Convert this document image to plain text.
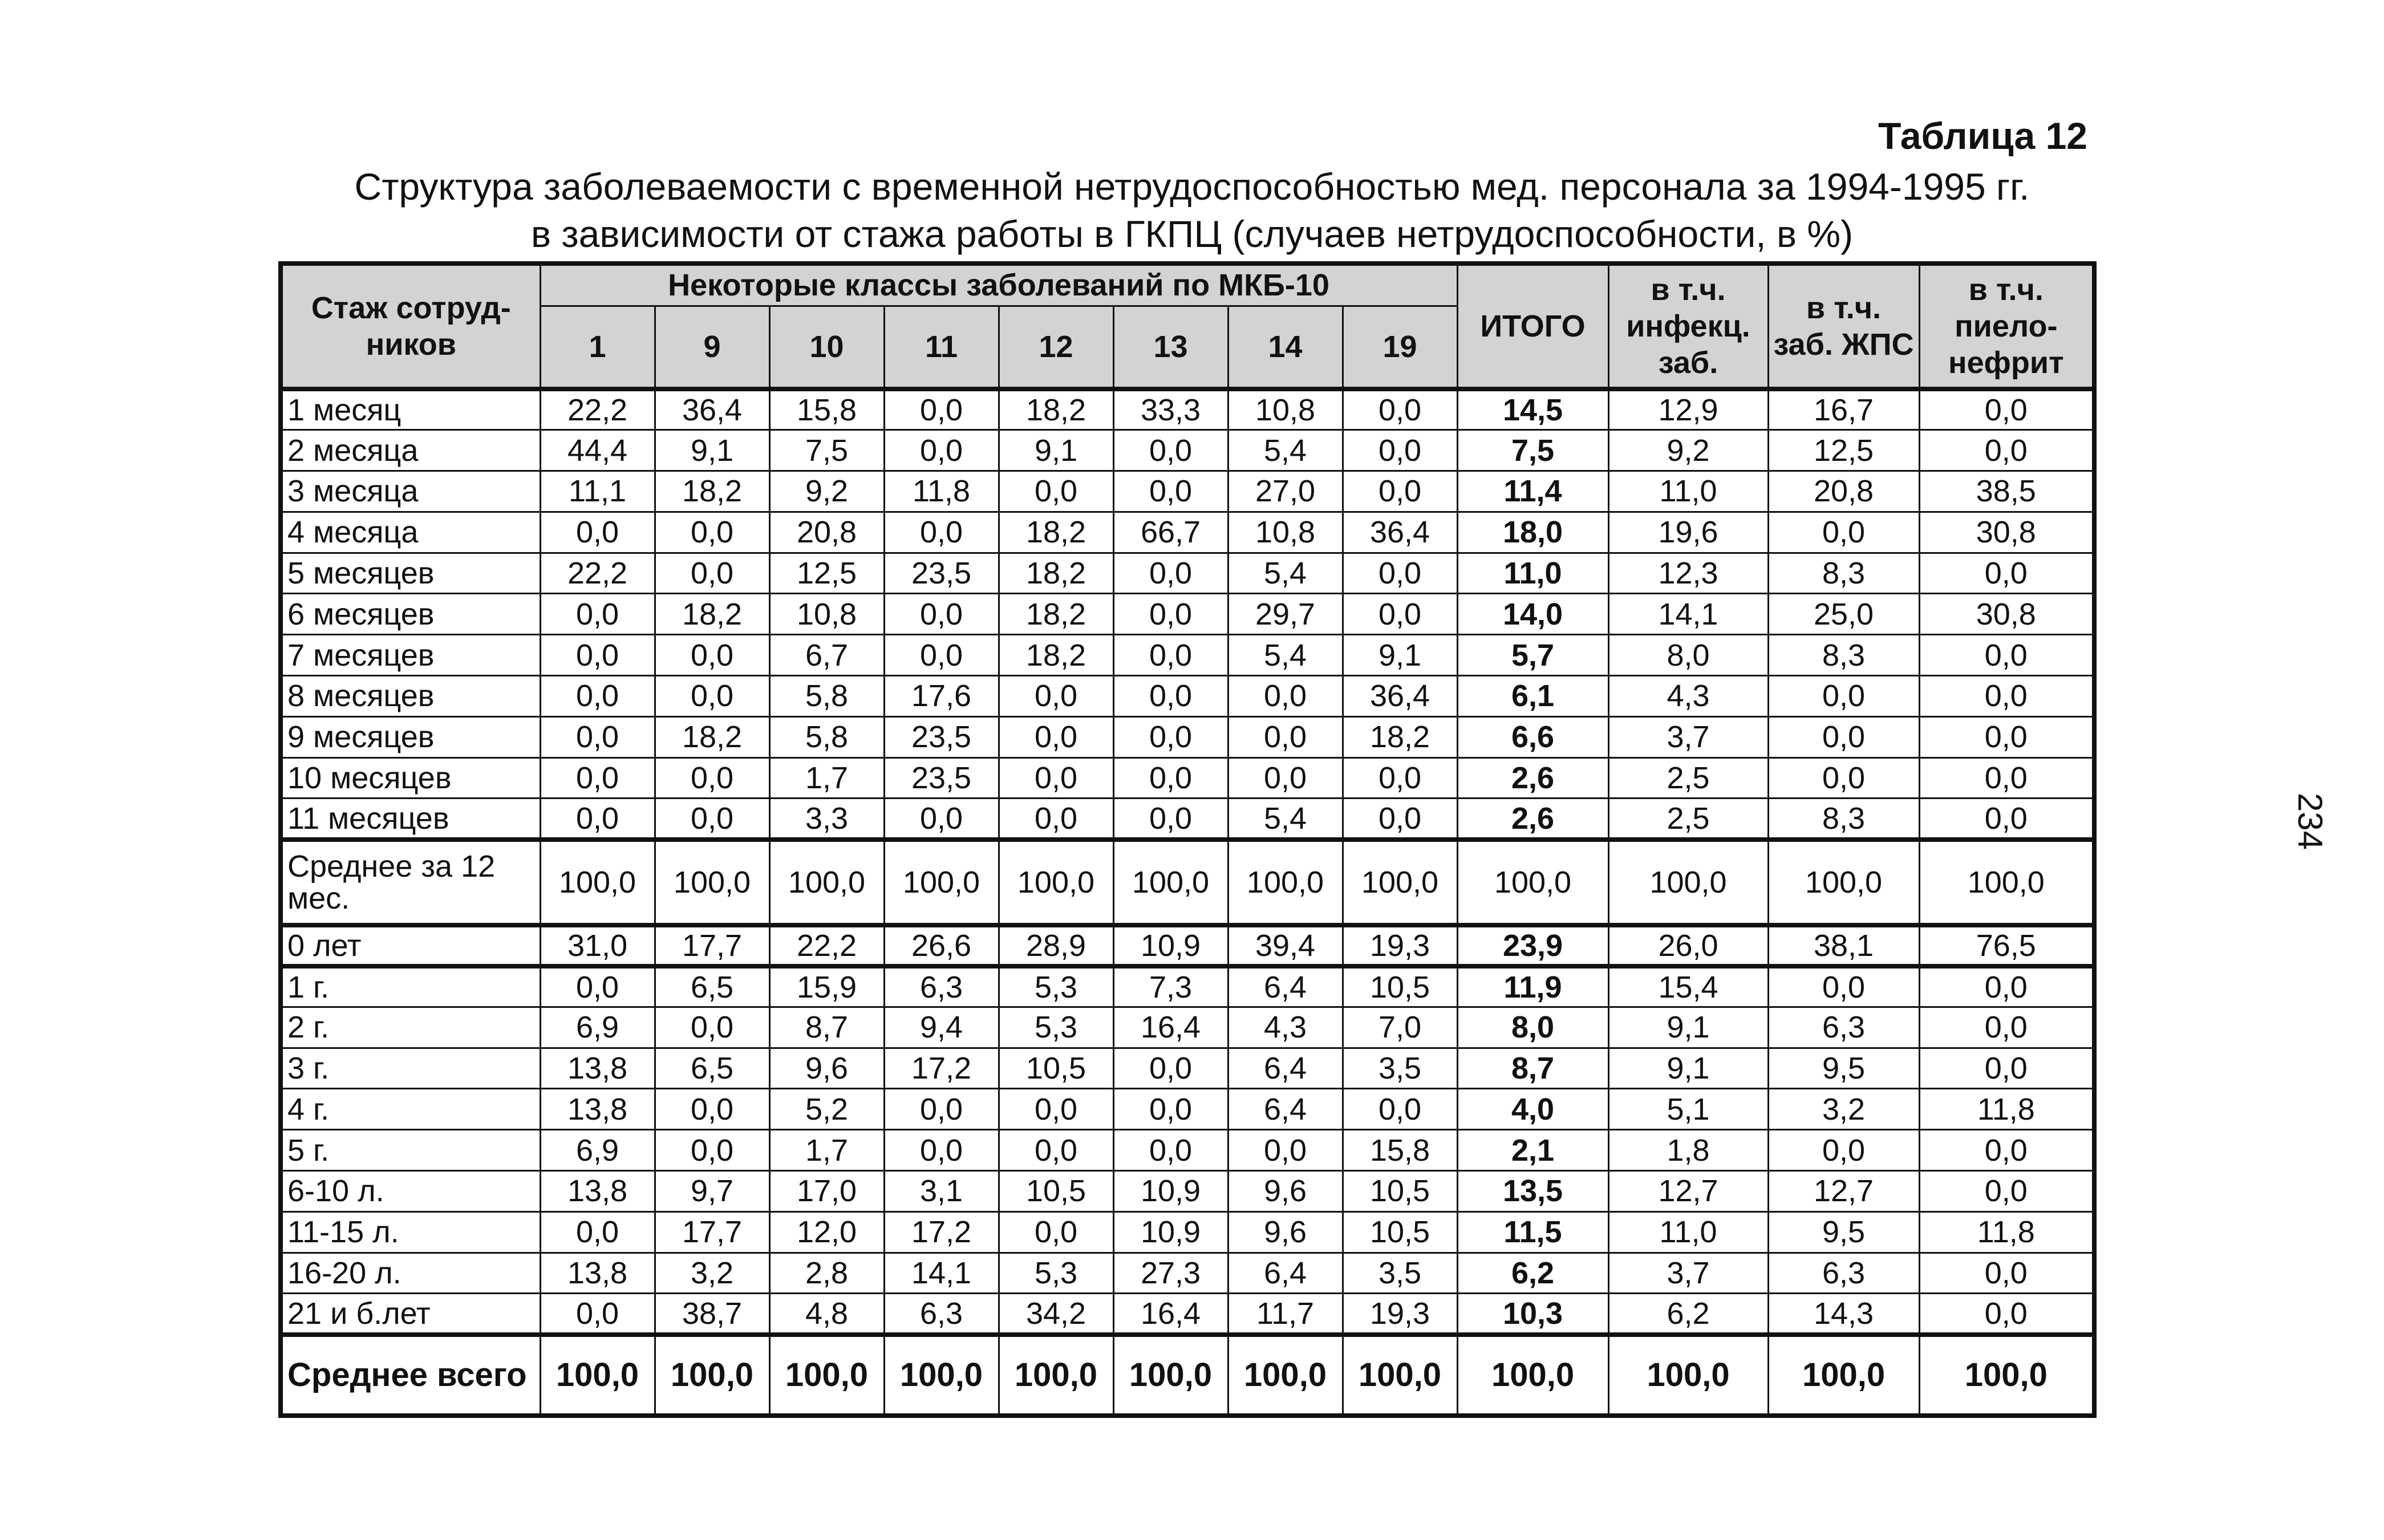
Таблица 12
Структура заболеваемости с временной нетрудоспособностью мед. персонала за 1994-1995 гг.
в зависимости от стажа работы в ГКПЦ (случаев нетрудоспособности, в %)
234
Стаж сотруд-ников	Некоторые классы заболеваний по МКБ-10								ИТОГО	в т.ч. инфекц. заб.	в т.ч. заб. ЖПС	в т.ч. пиело-нефрит
	1	9	10	11	12	13	14	19				
1 месяц	22,2	36,4	15,8	0,0	18,2	33,3	10,8	0,0	14,5	12,9	16,7	0,0
2 месяца	44,4	9,1	7,5	0,0	9,1	0,0	5,4	0,0	7,5	9,2	12,5	0,0
3 месяца	11,1	18,2	9,2	11,8	0,0	0,0	27,0	0,0	11,4	11,0	20,8	38,5
4 месяца	0,0	0,0	20,8	0,0	18,2	66,7	10,8	36,4	18,0	19,6	0,0	30,8
5 месяцев	22,2	0,0	12,5	23,5	18,2	0,0	5,4	0,0	11,0	12,3	8,3	0,0
6 месяцев	0,0	18,2	10,8	0,0	18,2	0,0	29,7	0,0	14,0	14,1	25,0	30,8
7 месяцев	0,0	0,0	6,7	0,0	18,2	0,0	5,4	9,1	5,7	8,0	8,3	0,0
8 месяцев	0,0	0,0	5,8	17,6	0,0	0,0	0,0	36,4	6,1	4,3	0,0	0,0
9 месяцев	0,0	18,2	5,8	23,5	0,0	0,0	0,0	18,2	6,6	3,7	0,0	0,0
10 месяцев	0,0	0,0	1,7	23,5	0,0	0,0	0,0	0,0	2,6	2,5	0,0	0,0
11 месяцев	0,0	0,0	3,3	0,0	0,0	0,0	5,4	0,0	2,6	2,5	8,3	0,0
Среднее за 12 мес.	100,0	100,0	100,0	100,0	100,0	100,0	100,0	100,0	100,0	100,0	100,0	100,0
0 лет	31,0	17,7	22,2	26,6	28,9	10,9	39,4	19,3	23,9	26,0	38,1	76,5
1 г.	0,0	6,5	15,9	6,3	5,3	7,3	6,4	10,5	11,9	15,4	0,0	0,0
2 г.	6,9	0,0	8,7	9,4	5,3	16,4	4,3	7,0	8,0	9,1	6,3	0,0
3 г.	13,8	6,5	9,6	17,2	10,5	0,0	6,4	3,5	8,7	9,1	9,5	0,0
4 г.	13,8	0,0	5,2	0,0	0,0	0,0	6,4	0,0	4,0	5,1	3,2	11,8
5 г.	6,9	0,0	1,7	0,0	0,0	0,0	0,0	15,8	2,1	1,8	0,0	0,0
6-10 л.	13,8	9,7	17,0	3,1	10,5	10,9	9,6	10,5	13,5	12,7	12,7	0,0
11-15 л.	0,0	17,7	12,0	17,2	0,0	10,9	9,6	10,5	11,5	11,0	9,5	11,8
16-20 л.	13,8	3,2	2,8	14,1	5,3	27,3	6,4	3,5	6,2	3,7	6,3	0,0
21 и б.лет	0,0	38,7	4,8	6,3	34,2	16,4	11,7	19,3	10,3	6,2	14,3	0,0
Среднее всего	100,0	100,0	100,0	100,0	100,0	100,0	100,0	100,0	100,0	100,0	100,0	100,0
